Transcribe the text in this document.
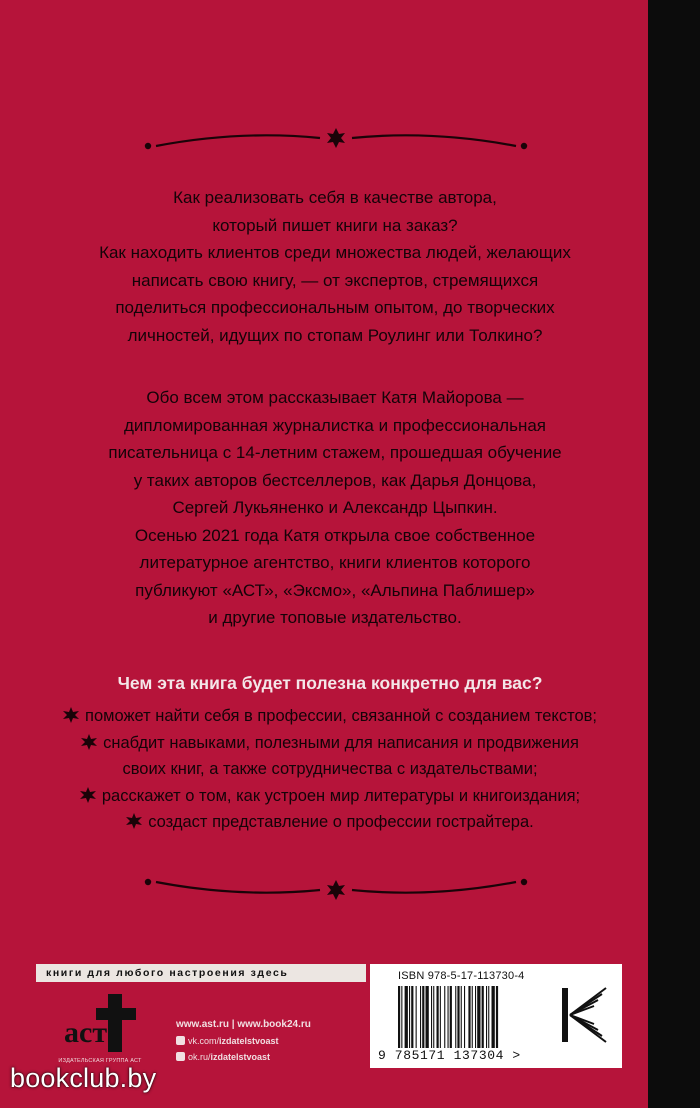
Как реализовать себя в качестве автора,

который пишет книги на заказ?

Как находить клиентов среди множества людей, желающих

написать свою книгу, — от экспертов, стремящихся

поделиться профессиональным опытом, до творческих

личностей, идущих по стопам Роулинг или Толкино?

Обо всем этом рассказывает Катя Майорова —

дипломированная журналистка и профессиональная

писательница с 14-летним стажем, прошедшая обучение

у таких авторов бестселлеров, как Дарья Донцова,

Сергей Лукьяненко и Александр Цыпкин.

Осенью 2021 года Катя открыла свое собственное

литературное агентство, книги клиентов которого

публикуют «АСТ», «Эксмо», «Альпина Паблишер»

и другие топовые издательство.

Чем эта книга будет полезна конкретно для вас?
поможет найти себя в профессии, связанной с созданием текстов;
снабдит навыками, полезными для написания и продвижения
своих книг, а также сотрудничества с издательствами;
расскажет о том, как устроен мир литературы и книгоиздания;
создаст представление о профессии гострайтера.
книги для любого настроения здесь
аст
ИЗДАТЕЛЬСКАЯ ГРУППА АСТ
www.ast.ru | www.book24.ru
vk.com/izdatelstvoast
ok.ru/izdatelstvoast
ISBN 978-5-17-113730-4
9 785171 137304 >
bookclub.by
